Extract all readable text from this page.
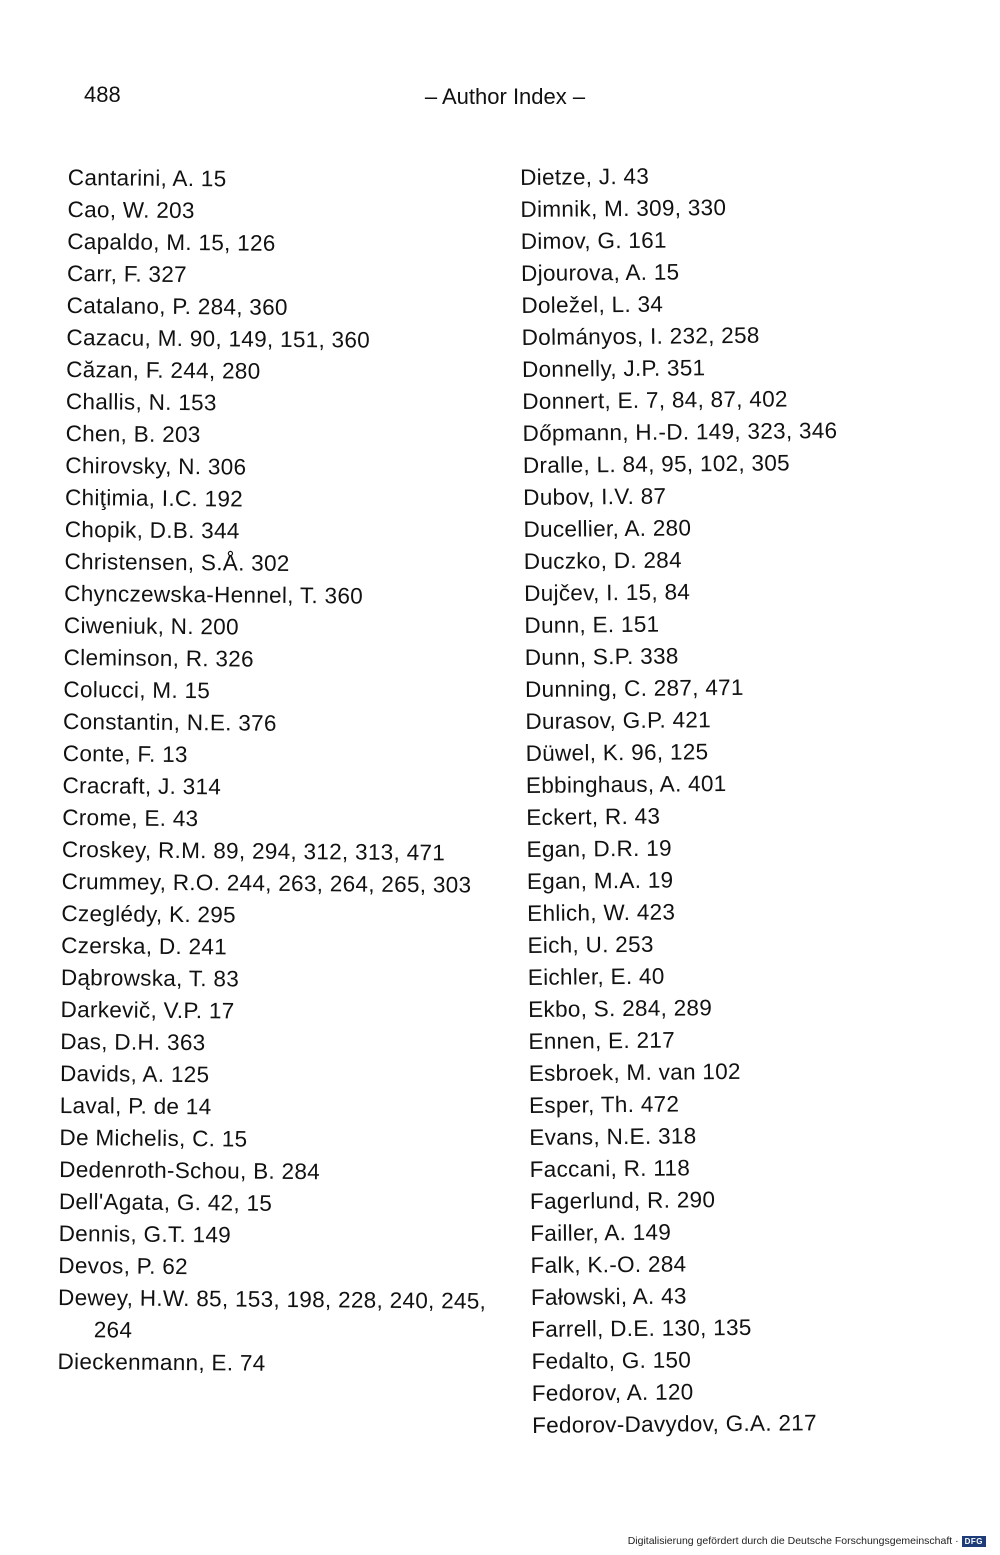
488	– Author Index –

Cantarini, A. 15

Cao, W. 203

Capaldo, M. 15, 126

Carr, F. 327

Catalano, P. 284, 360

Cazacu, M. 90, 149, 151, 360

Căzan, F. 244, 280

Challis, N. 153

Chen, B. 203

Chirovsky, N. 306

Chiţimia, I.C. 192

Chopik, D.B. 344

Christensen, S.Å. 302

Chynczewska-Hennel, T. 360

Ciweniuk, N. 200

Cleminson, R. 326

Colucci, M. 15

Constantin, N.E. 376

Conte, F. 13

Cracraft, J. 314

Crome, E. 43

Croskey, R.M. 89, 294, 312, 313, 471

Crummey, R.O. 244, 263, 264, 265, 303

Czeglédy, K. 295

Czerska, D. 241

Dąbrowska, T. 83

Darkevič, V.P. 17

Das, D.H. 363

Davids, A. 125

Laval, P. de 14

De Michelis, C. 15

Dedenroth-Schou, B. 284

Dell'Agata, G. 42, 15

Dennis, G.T. 149

Devos, P. 62

Dewey, H.W. 85, 153, 198, 228, 240, 245, 264

Dieckenmann, E. 74

Dietze, J. 43

Dimnik, M. 309, 330

Dimov, G. 161

Djourova, A. 15

Doležel, L. 34

Dolmányos, I. 232, 258

Donnelly, J.P. 351

Donnert, E. 7, 84, 87, 402

Dőpmann, H.-D. 149, 323, 346

Dralle, L. 84, 95, 102, 305

Dubov, I.V. 87

Ducellier, A. 280

Duczko, D. 284

Dujčev, I. 15, 84

Dunn, E. 151

Dunn, S.P. 338

Dunning, C. 287, 471

Durasov, G.P. 421

Düwel, K. 96, 125

Ebbinghaus, A. 401

Eckert, R. 43

Egan, D.R. 19

Egan, M.A. 19

Ehlich, W. 423

Eich, U. 253

Eichler, E. 40

Ekbo, S. 284, 289

Ennen, E. 217

Esbroek, M. van 102

Esper, Th. 472

Evans, N.E. 318

Faccani, R. 118

Fagerlund, R. 290

Failler, A. 149

Falk, K.-O. 284

Fałowski, A. 43

Farrell, D.E. 130, 135

Fedalto, G. 150

Fedorov, A. 120

Fedorov-Davydov, G.A. 217

Digitalisierung gefördert durch die Deutsche Forschungsgemeinschaft · DFG
